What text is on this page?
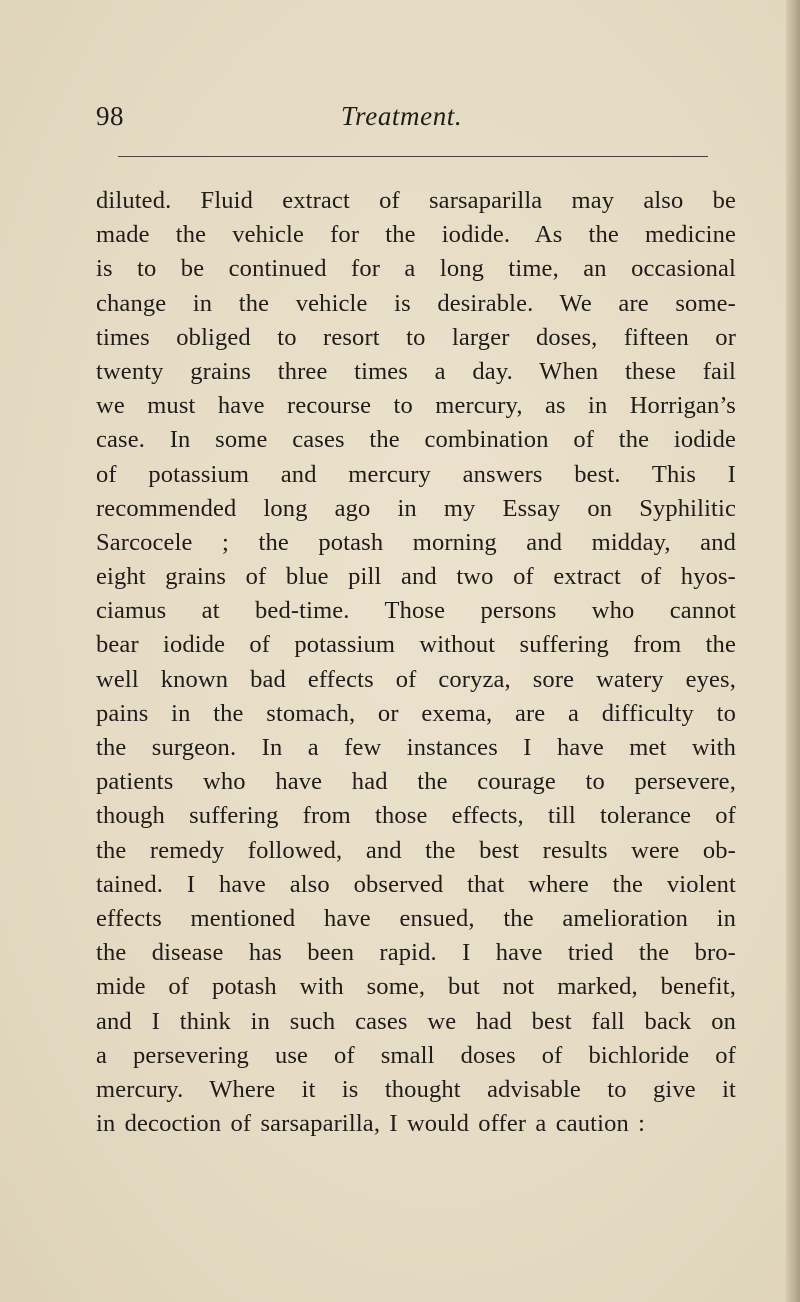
98	Treatment.
diluted. Fluid extract of sarsaparilla may also be
made the vehicle for the iodide. As the medicine
is to be continued for a long time, an occasional
change in the vehicle is desirable. We are some-
times obliged to resort to larger doses, fifteen or
twenty grains three times a day. When these fail
we must have recourse to mercury, as in Horrigan’s
case. In some cases the combination of the iodide
of potassium and mercury answers best. This I
recommended long ago in my Essay on Syphilitic
Sarcocele ; the potash morning and midday, and
eight grains of blue pill and two of extract of hyos-
ciamus at bed-time. Those persons who cannot
bear iodide of potassium without suffering from the
well known bad effects of coryza, sore watery eyes,
pains in the stomach, or exema, are a difficulty to
the surgeon. In a few instances I have met with
patients who have had the courage to persevere,
though suffering from those effects, till tolerance of
the remedy followed, and the best results were ob-
tained. I have also observed that where the violent
effects mentioned have ensued, the amelioration in
the disease has been rapid. I have tried the bro-
mide of potash with some, but not marked, benefit,
and I think in such cases we had best fall back on
a persevering use of small doses of bichloride of
mercury. Where it is thought advisable to give it
in decoction of sarsaparilla, I would offer a caution :
